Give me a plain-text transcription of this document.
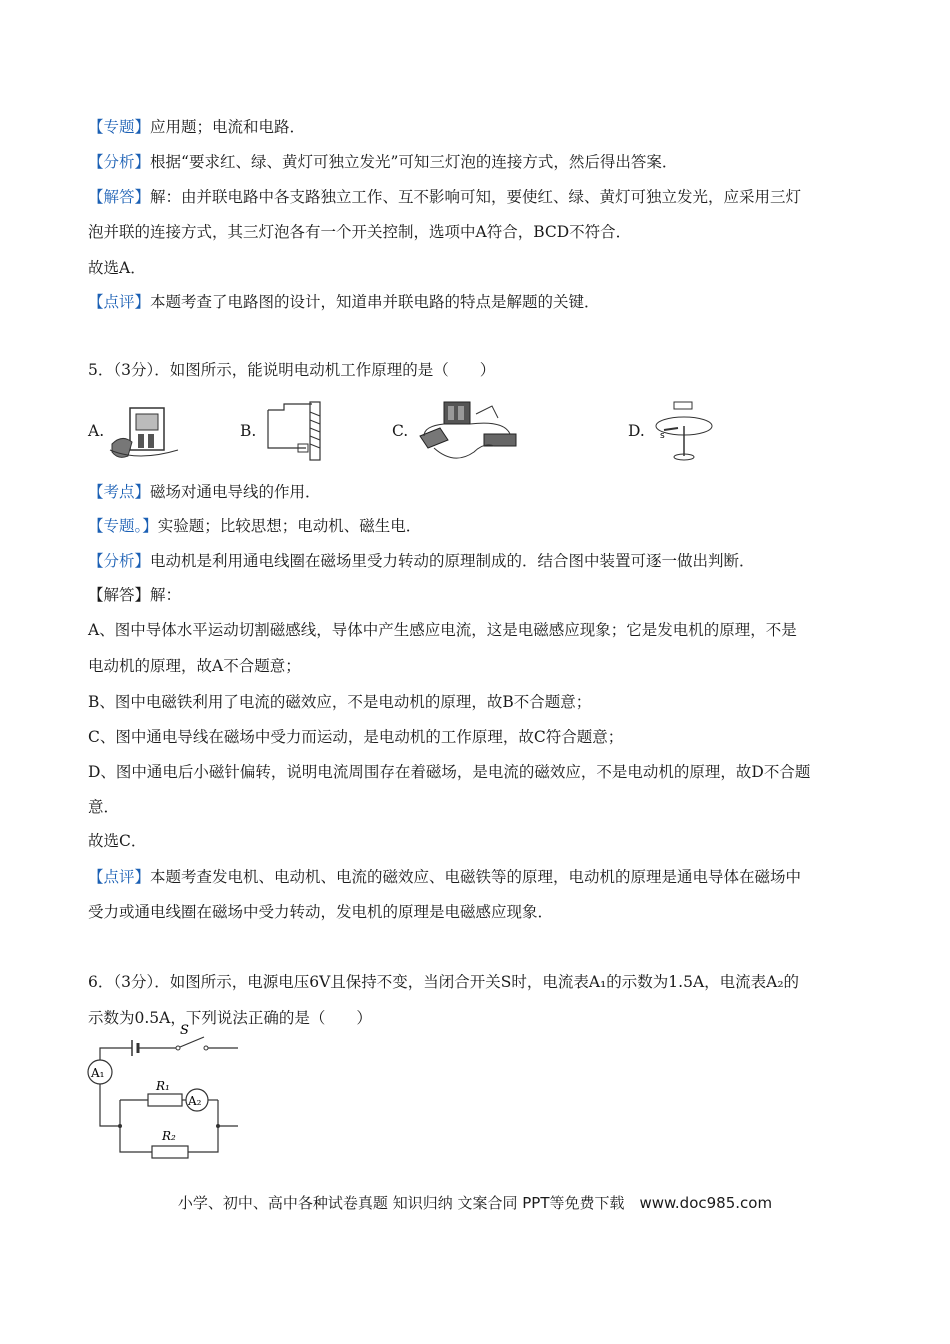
【专题】应用题；电流和电路．
【分析】根据“要求红、绿、黄灯可独立发光”可知三灯泡的连接方式，然后得出答案．
【解答】解：由并联电路中各支路独立工作、互不影响可知，要使红、绿、黄灯可独立发光，应采用三灯
泡并联的连接方式，其三灯泡各有一个开关控制，选项中A符合，BCD不符合．
故选A．
【点评】本题考查了电路图的设计，知道串并联电路的特点是解题的关键．
5．（3分）．如图所示，能说明电动机工作原理的是（　　）
A.	B.	C.	D. s
【考点】磁场对通电导线的作用．
【专题。】实验题；比较思想；电动机、磁生电．
【分析】电动机是利用通电线圈在磁场里受力转动的原理制成的．结合图中装置可逐一做出判断．
【解答】解：
A、图中导体水平运动切割磁感线，导体中产生感应电流，这是电磁感应现象；它是发电机的原理，不是
电动机的原理，故A不合题意；
B、图中电磁铁利用了电流的磁效应，不是电动机的原理，故B不合题意；
C、图中通电导线在磁场中受力而运动，是电动机的工作原理，故C符合题意；
D、图中通电后小磁针偏转，说明电流周围存在着磁场，是电流的磁效应，不是电动机的原理，故D不合题
意．
故选C．
【点评】本题考查发电机、电动机、电流的磁效应、电磁铁等的原理，电动机的原理是通电导体在磁场中
受力或通电线圈在磁场中受力转动，发电机的原理是电磁感应现象．
6．（3分）．如图所示，电源电压6V且保持不变，当闭合开关S时，电流表A₁的示数为1.5A，电流表A₂的
示数为0.5A，下列说法正确的是（　　）
S
A₁
R₁
A₂
R₂
小学、初中、高中各种试卷真题 知识归纳 文案合同 PPT等免费下载　www.doc985.com
